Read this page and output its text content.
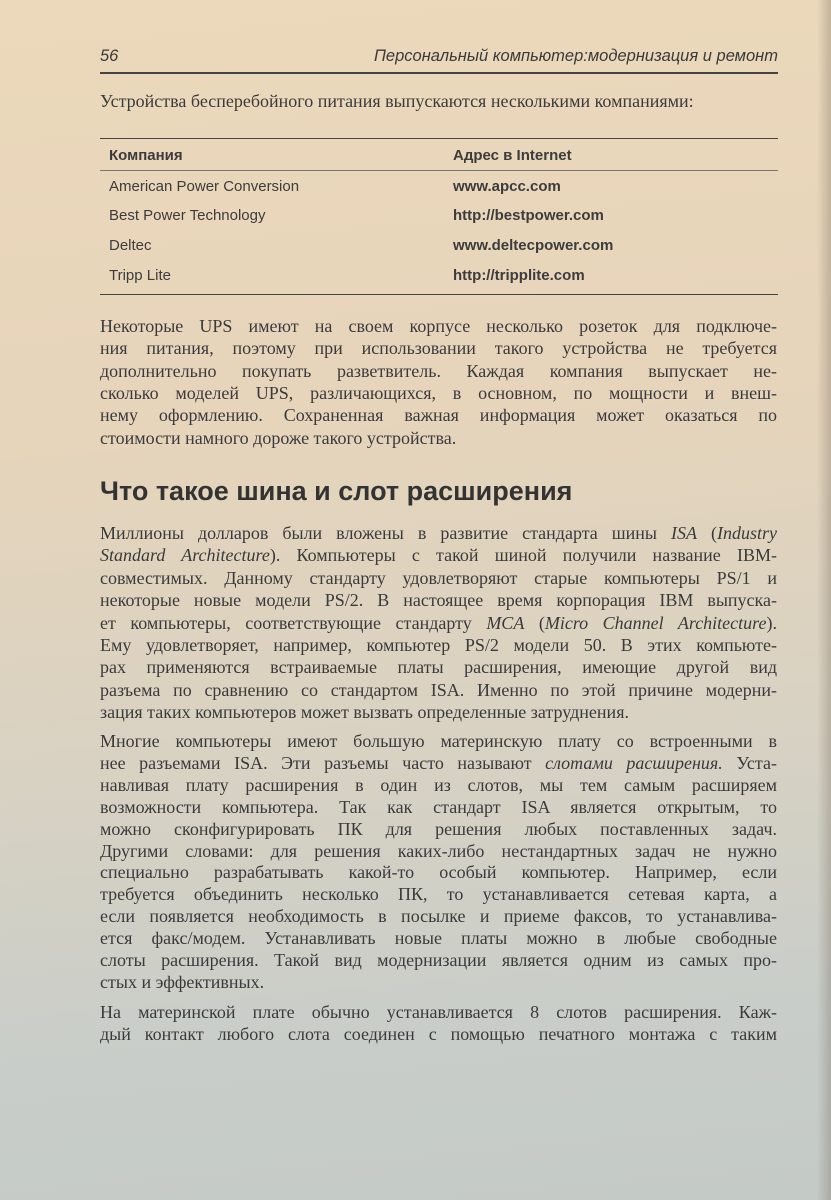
56	Персональный компьютер:модернизация и ремонт
Устройства бесперебойного питания выпускаются несколькими компаниями:
Компания	Адрес в Internet
American Power Conversion	www.apcc.com
Best Power Technology	http://bestpower.com
Deltec	www.deltecpower.com
Tripp Lite	http://tripplite.com
Что такое шина и слот расширения
Некоторые UPS имеют на своем корпусе несколько розеток для подключе-
ния питания, поэтому при использовании такого устройства не требуется
дополнительно покупать разветвитель. Каждая компания выпускает не-
сколько моделей UPS, различающихся, в основном, по мощности и внеш-
нему оформлению. Сохраненная важная информация может оказаться по
стоимости намного дороже такого устройства.
Миллионы долларов были вложены в развитие стандарта шины ISA (Industry
Standard Architecture). Компьютеры с такой шиной получили название IBM-
совместимых. Данному стандарту удовлетворяют старые компьютеры PS/1 и
некоторые новые модели PS/2. В настоящее время корпорация IBM выпуска-
ет компьютеры, соответствующие стандарту MCA (Micro Channel Architecture).
Ему удовлетворяет, например, компьютер PS/2 модели 50. В этих компьюте-
рах применяются встраиваемые платы расширения, имеющие другой вид
разъема по сравнению со стандартом ISA. Именно по этой причине модерни-
зация таких компьютеров может вызвать определенные затруднения.
Многие компьютеры имеют большую материнскую плату со встроенными в
нее разъемами ISA. Эти разъемы часто называют слотами расширения. Уста-
навливая плату расширения в один из слотов, мы тем самым расширяем
возможности компьютера. Так как стандарт ISA является открытым, то
можно сконфигурировать ПК для решения любых поставленных задач.
Другими словами: для решения каких-либо нестандартных задач не нужно
специально разрабатывать какой-то особый компьютер. Например, если
требуется объединить несколько ПК, то устанавливается сетевая карта, а
если появляется необходимость в посылке и приеме факсов, то устанавлива-
ется факс/модем. Устанавливать новые платы можно в любые свободные
слоты расширения. Такой вид модернизации является одним из самых про-
стых и эффективных.
На материнской плате обычно устанавливается 8 слотов расширения. Каж-
дый контакт любого слота соединен с помощью печатного монтажа с таким
